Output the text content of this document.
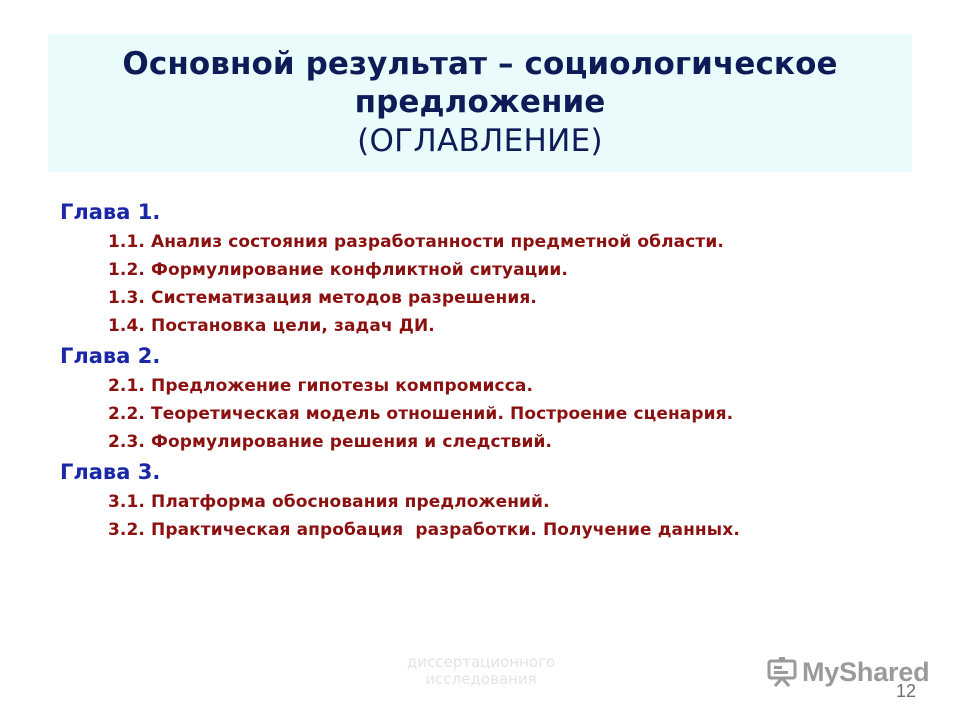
Основной результат – социологическое предложение
(ОГЛАВЛЕНИЕ)
Глава 1.
1.1. Анализ состояния разработанности предметной области.
1.2. Формулирование конфликтной ситуации.
1.3. Систематизация методов разрешения.
1.4. Постановка цели, задач ДИ.
Глава 2.
2.1. Предложение гипотезы компромисса.
2.2. Теоретическая модель отношений. Построение сценария.
2.3. Формулирование решения и следствий.
Глава 3.
3.1. Платформа обоснования предложений.
3.2. Практическая апробация  разработки. Получение данных.
диссертационного
исследования	MyShared
12
